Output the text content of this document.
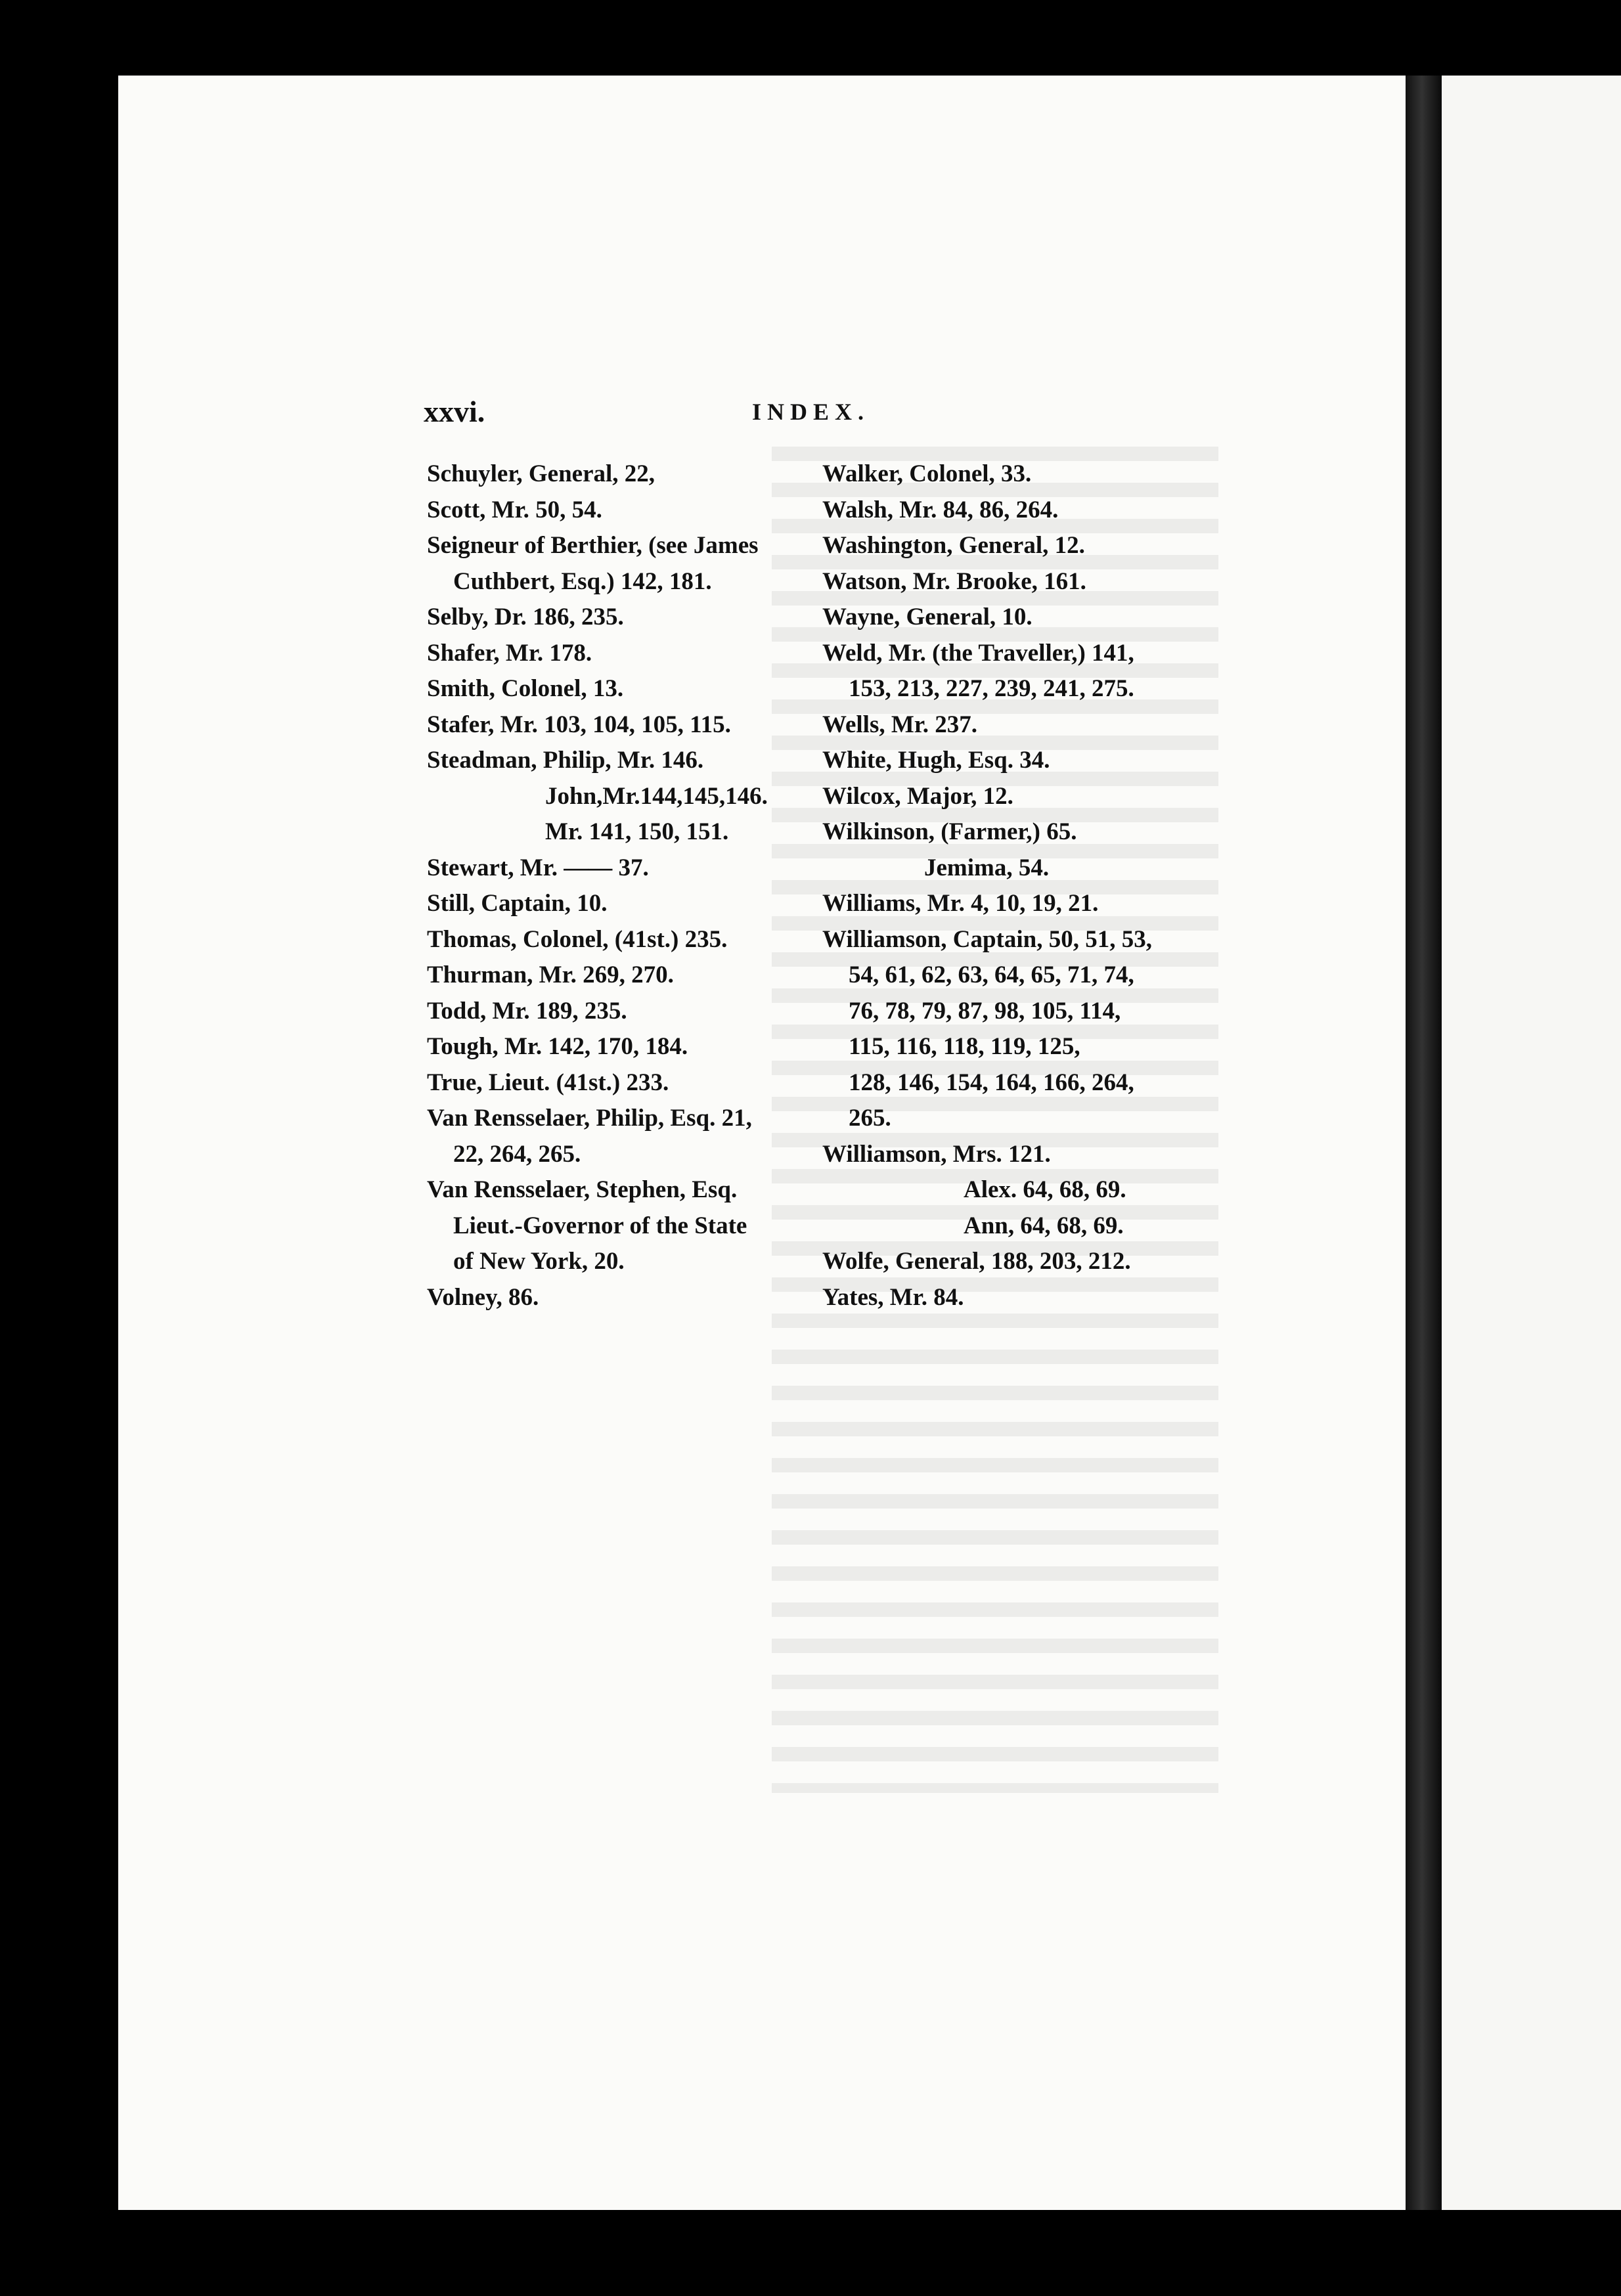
xxvi.	INDEX.
Schuyler, General, 22,
Scott, Mr. 50, 54.
Seigneur of Berthier, (see James
Cuthbert, Esq.) 142, 181.
Selby, Dr. 186, 235.
Shafer, Mr. 178.
Smith, Colonel, 13.
Stafer, Mr. 103, 104, 105, 115.
Steadman, Philip, Mr. 146.
John,Mr.144,145,146.
Mr. 141, 150, 151.
Stewart, Mr. —— 37.
Still, Captain, 10.
Thomas, Colonel, (41st.) 235.
Thurman, Mr. 269, 270.
Todd, Mr. 189, 235.
Tough, Mr. 142, 170, 184.
True, Lieut. (41st.) 233.
Van Rensselaer, Philip, Esq. 21,
22, 264, 265.
Van Rensselaer, Stephen, Esq.
Lieut.-Governor of the State
of New York, 20.
Volney, 86.
Walker, Colonel, 33.
Walsh, Mr. 84, 86, 264.
Washington, General, 12.
Watson, Mr. Brooke, 161.
Wayne, General, 10.
Weld, Mr. (the Traveller,) 141,
153, 213, 227, 239, 241, 275.
Wells, Mr. 237.
White, Hugh, Esq. 34.
Wilcox, Major, 12.
Wilkinson, (Farmer,) 65.
Jemima, 54.
Williams, Mr. 4, 10, 19, 21.
Williamson, Captain, 50, 51, 53,
54, 61, 62, 63, 64, 65, 71, 74,
76, 78, 79, 87, 98, 105, 114,
115, 116, 118, 119, 125,
128, 146, 154, 164, 166, 264,
265.
Williamson, Mrs. 121.
Alex. 64, 68, 69.
Ann, 64, 68, 69.
Wolfe, General, 188, 203, 212.
Yates, Mr. 84.
